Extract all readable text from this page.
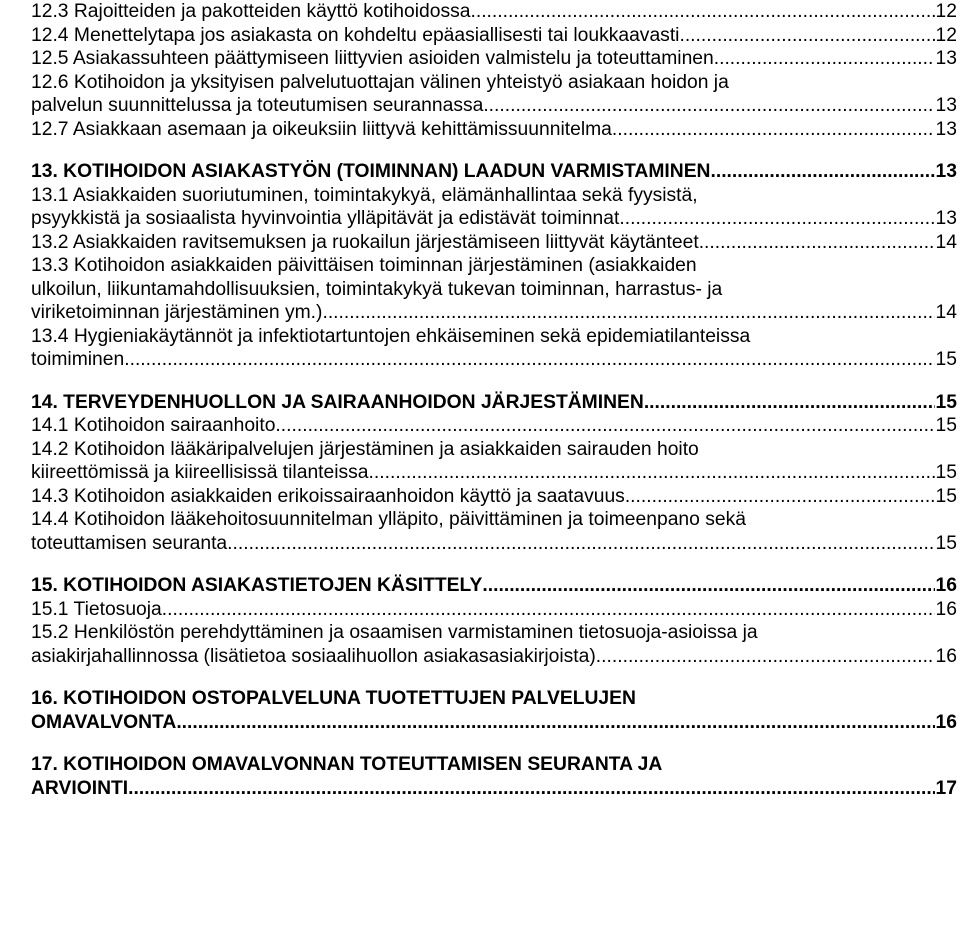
12.3 Rajoitteiden ja pakotteiden käyttö kotihoidossa .....	12
12.4 Menettelytapa jos asiakasta on kohdeltu epäasiallisesti tai loukkaavasti .....	12
12.5 Asiakassuhteen päättymiseen liittyvien asioiden valmistelu ja toteuttaminen .....	13
12.6 Kotihoidon ja yksityisen palvelutuottajan välinen yhteistyö asiakaan hoidon ja
palvelun suunnittelussa ja toteutumisen seurannassa .....	13
12.7 Asiakkaan asemaan ja oikeuksiin liittyvä kehittämissuunnitelma .....	13
13. KOTIHOIDON ASIAKASTYÖN (TOIMINNAN) LAADUN VARMISTAMINEN .....	13
13.1 Asiakkaiden suoriutuminen, toimintakykyä, elämänhallintaa sekä fyysistä,
psyykkistä ja sosiaalista hyvinvointia ylläpitävät ja edistävät toiminnat .....	13
13.2 Asiakkaiden ravitsemuksen ja ruokailun järjestämiseen liittyvät käytänteet .....	14
13.3 Kotihoidon asiakkaiden päivittäisen toiminnan järjestäminen (asiakkaiden
ulkoilun, liikuntamahdollisuuksien, toimintakykyä tukevan toiminnan, harrastus- ja
viriketoiminnan järjestäminen ym.) .....	14
13.4 Hygieniakäytännöt ja infektiotartuntojen ehkäiseminen sekä epidemiatilanteissa
toimiminen .....	15
14. TERVEYDENHUOLLON JA SAIRAANHOIDON JÄRJESTÄMINEN .....	15
14.1 Kotihoidon sairaanhoito .....	15
14.2 Kotihoidon lääkäripalvelujen järjestäminen ja asiakkaiden sairauden hoito
kiireettömissä ja kiireellisissä tilanteissa .....	15
14.3 Kotihoidon asiakkaiden erikoissairaanhoidon käyttö ja saatavuus .....	15
14.4 Kotihoidon lääkehoitosuunnitelman ylläpito, päivittäminen ja toimeenpano sekä
toteuttamisen seuranta .....	15
15. KOTIHOIDON ASIAKASTIETOJEN KÄSITTELY .....	16
15.1 Tietosuoja .....	16
15.2 Henkilöstön perehdyttäminen ja osaamisen varmistaminen tietosuoja-asioissa ja
asiakirjahallinnossa (lisätietoa sosiaalihuollon asiakasasiakirjoista) .....	16
16. KOTIHOIDON OSTOPALVELUNA TUOTETTUJEN PALVELUJEN
OMAVALVONTA .....	16
17. KOTIHOIDON OMAVALVONNAN TOTEUTTAMISEN SEURANTA JA
ARVIOINTI .....	17
